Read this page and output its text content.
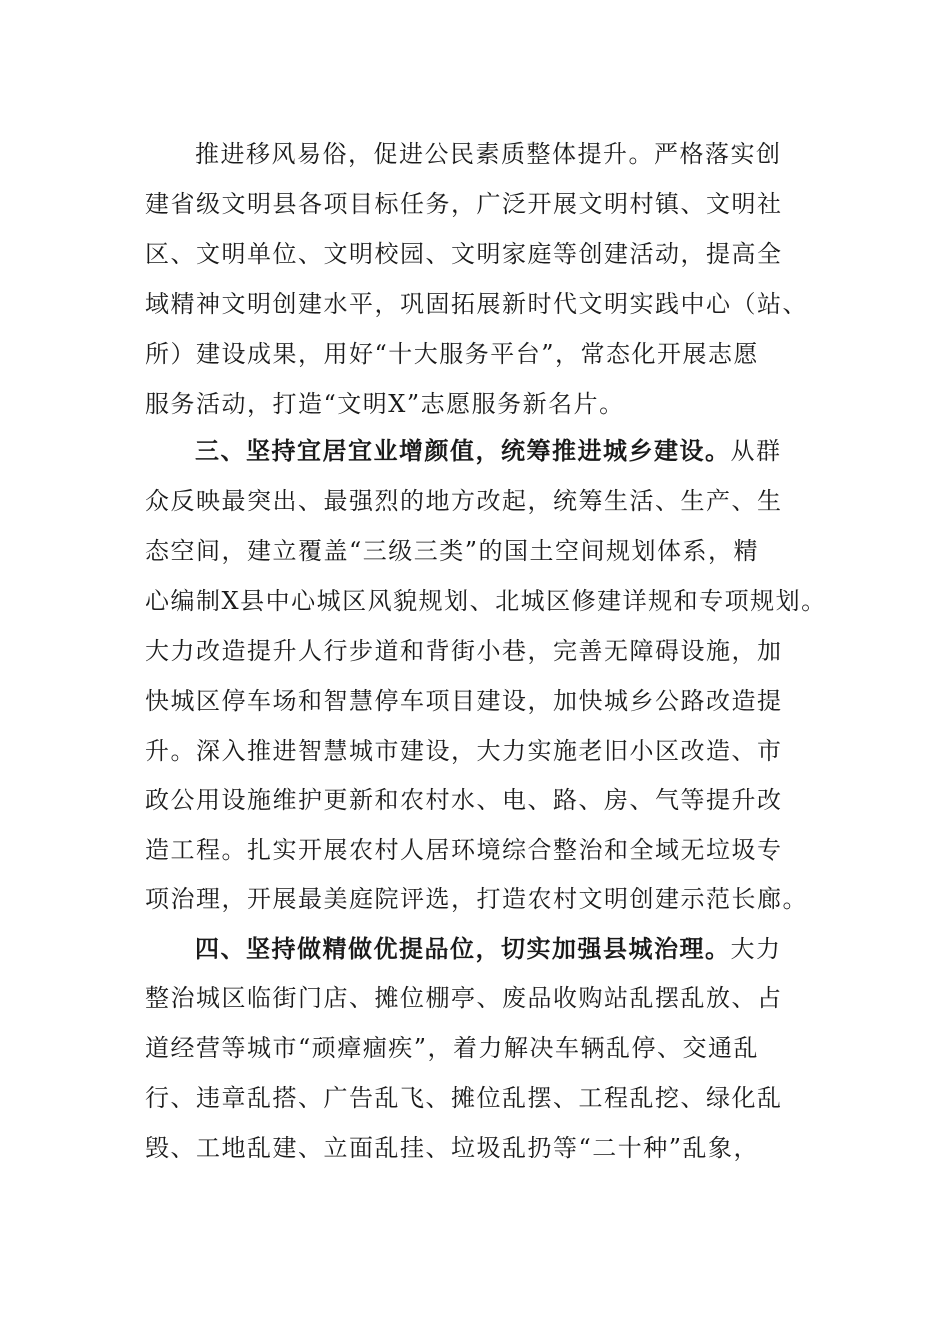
推进移风易俗，促进公民素质整体提升。严格落实创
建省级文明县各项目标任务，广泛开展文明村镇、文明社
区、文明单位、文明校园、文明家庭等创建活动，提高全
域精神文明创建水平，巩固拓展新时代文明实践中心（站、
所）建设成果，用好“十大服务平台”，常态化开展志愿
服务活动，打造“文明X”志愿服务新名片。
三、坚持宜居宜业增颜值，统筹推进城乡建设。从群
众反映最突出、最强烈的地方改起，统筹生活、生产、生
态空间，建立覆盖“三级三类”的国土空间规划体系，精
心编制X县中心城区风貌规划、北城区修建详规和专项规划。
大力改造提升人行步道和背街小巷，完善无障碍设施，加
快城区停车场和智慧停车项目建设，加快城乡公路改造提
升。深入推进智慧城市建设，大力实施老旧小区改造、市
政公用设施维护更新和农村水、电、路、房、气等提升改
造工程。扎实开展农村人居环境综合整治和全域无垃圾专
项治理，开展最美庭院评选，打造农村文明创建示范长廊。
四、坚持做精做优提品位，切实加强县城治理。大力
整治城区临街门店、摊位棚亭、废品收购站乱摆乱放、占
道经营等城市“顽瘴痼疾”，着力解决车辆乱停、交通乱
行、违章乱搭、广告乱飞、摊位乱摆、工程乱挖、绿化乱
毁、工地乱建、立面乱挂、垃圾乱扔等“二十种”乱象，
